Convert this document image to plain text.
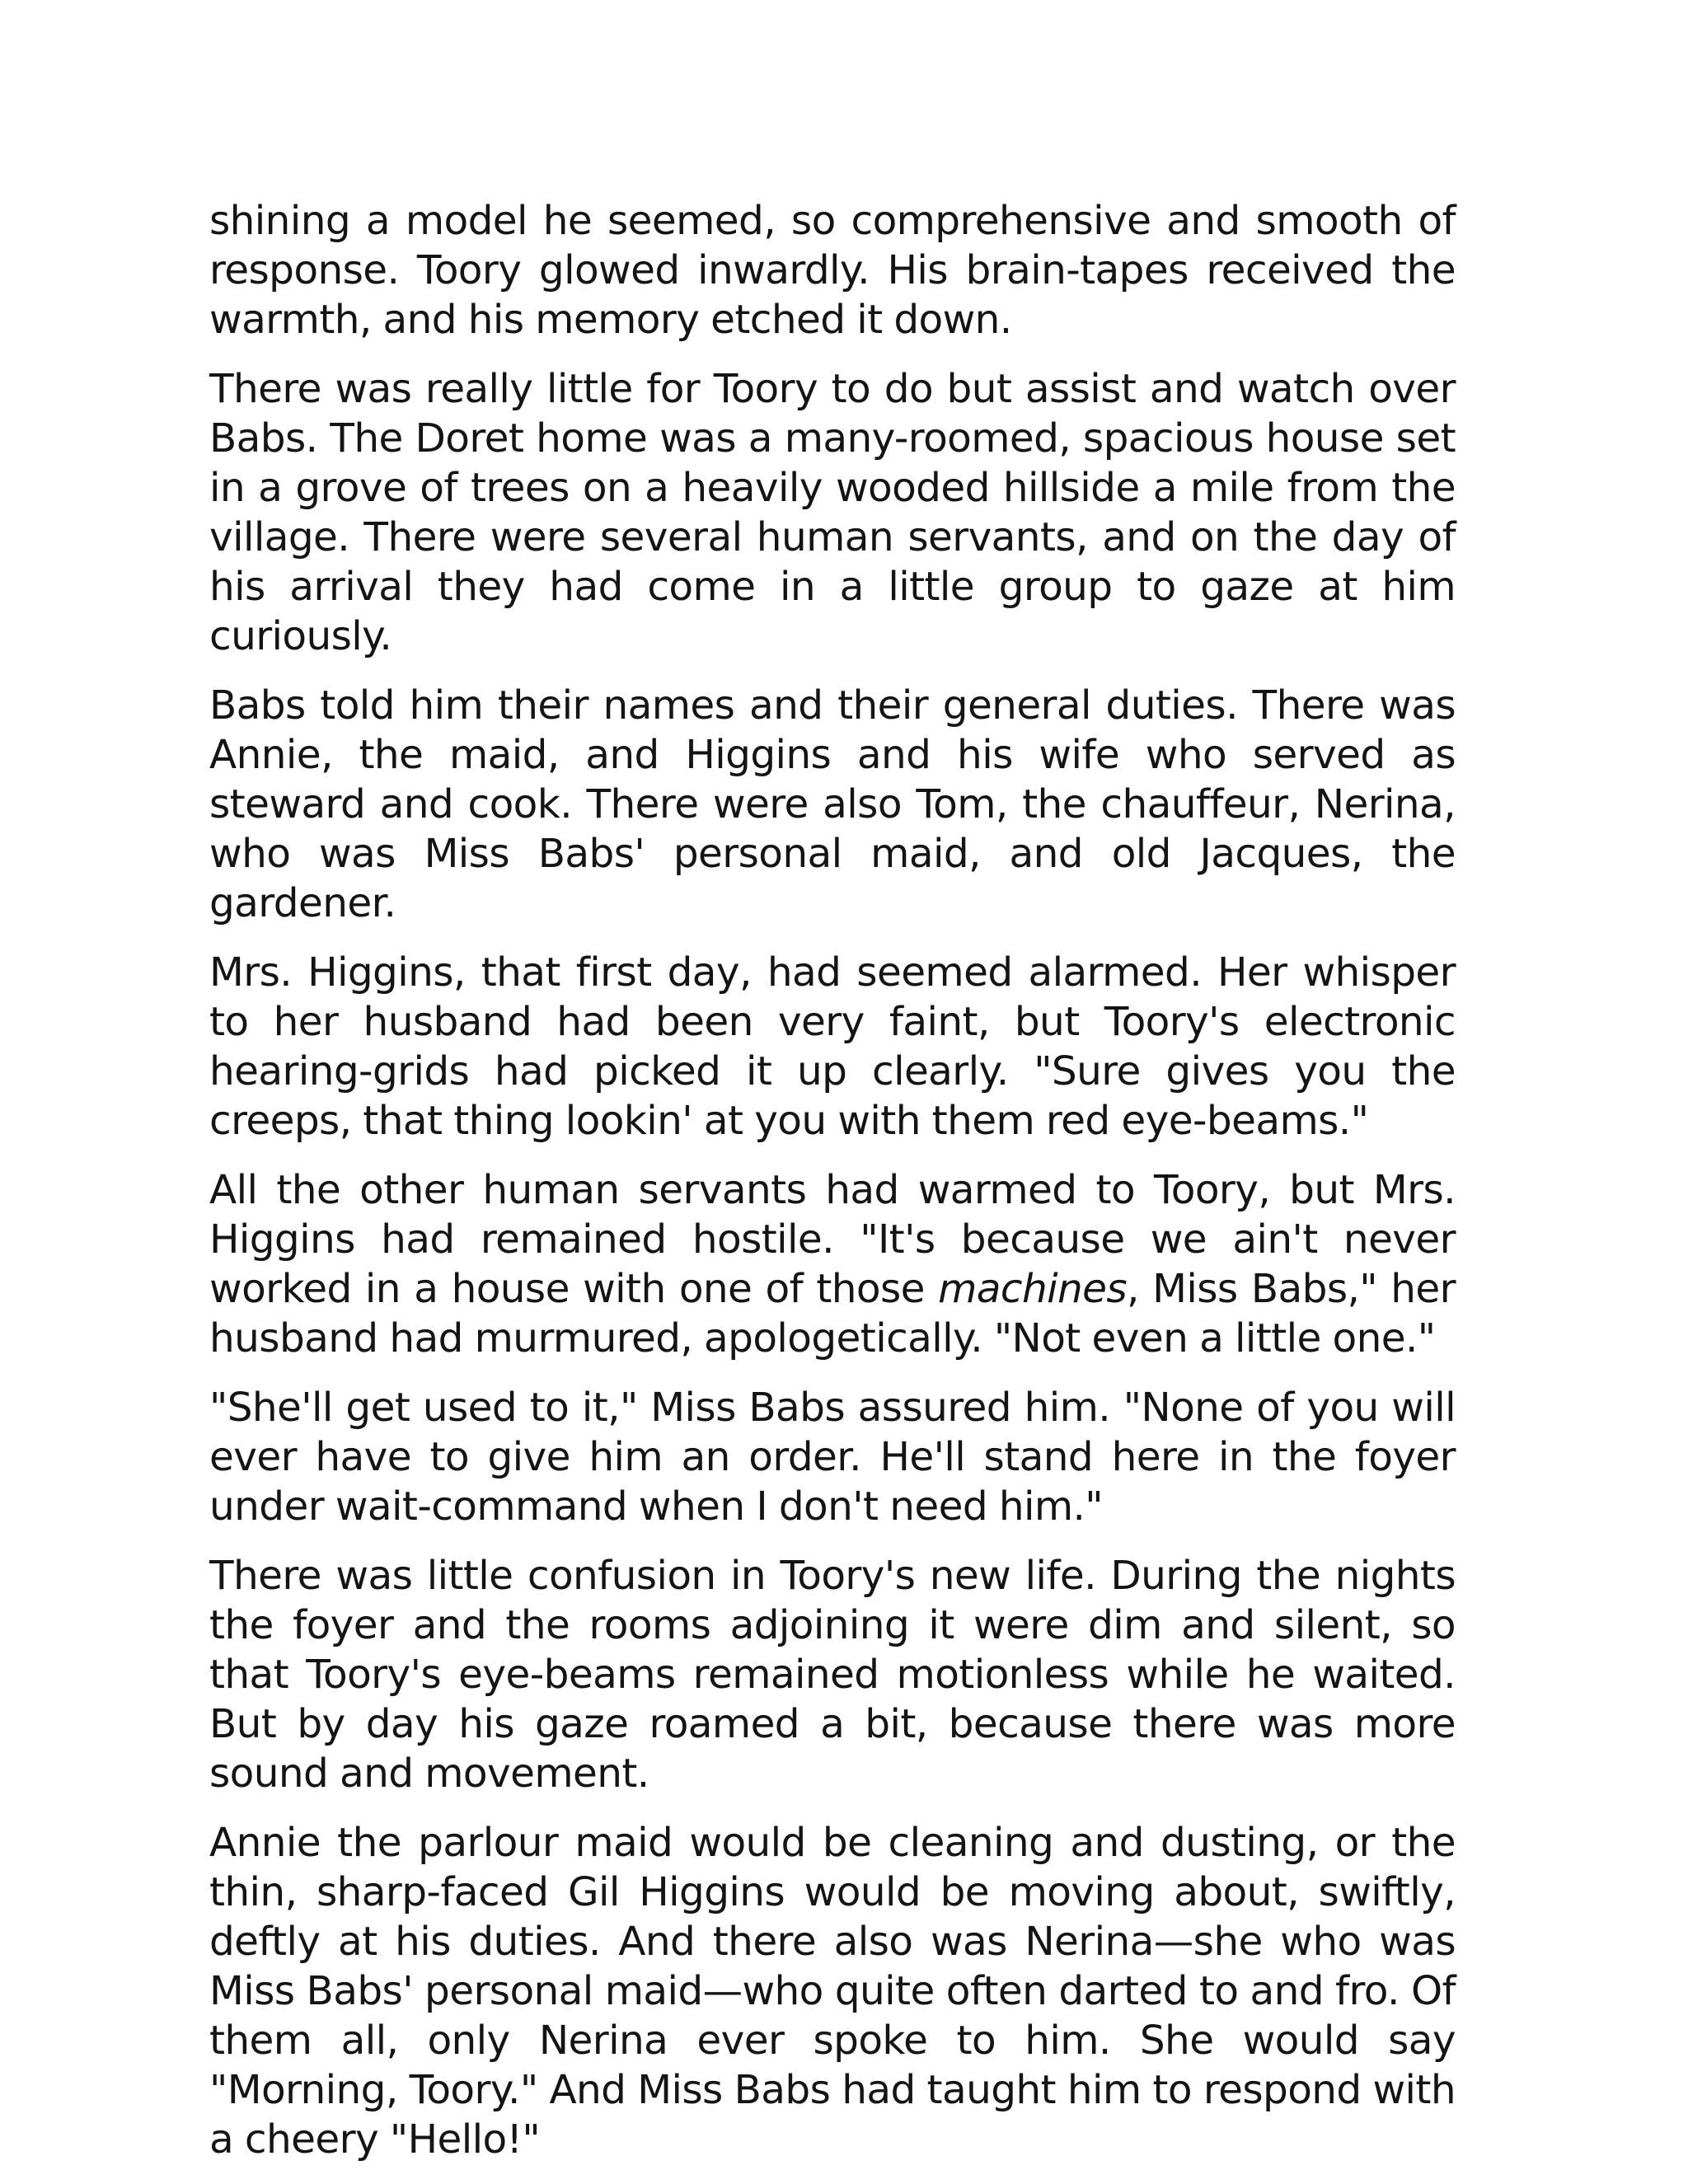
shining a model he seemed, so comprehensive and smooth of response. Toory glowed inwardly. His brain-tapes received the warmth, and his memory etched it down.

There was really little for Toory to do but assist and watch over Babs. The Doret home was a many-roomed, spacious house set in a grove of trees on a heavily wooded hillside a mile from the village. There were several human servants, and on the day of his arrival they had come in a little group to gaze at him curiously.

Babs told him their names and their general duties. There was Annie, the maid, and Higgins and his wife who served as steward and cook. There were also Tom, the chauffeur, Nerina, who was Miss Babs' personal maid, and old Jacques, the gardener.

Mrs. Higgins, that first day, had seemed alarmed. Her whisper to her husband had been very faint, but Toory's electronic hearing-grids had picked it up clearly. "Sure gives you the creeps, that thing lookin' at you with them red eye-beams."

All the other human servants had warmed to Toory, but Mrs. Higgins had remained hostile. "It's because we ain't never worked in a house with one of those machines, Miss Babs," her husband had murmured, apologetically. "Not even a little one."

"She'll get used to it," Miss Babs assured him. "None of you will ever have to give him an order. He'll stand here in the foyer under wait-command when I don't need him."

There was little confusion in Toory's new life. During the nights the foyer and the rooms adjoining it were dim and silent, so that Toory's eye-beams remained motionless while he waited. But by day his gaze roamed a bit, because there was more sound and movement.

Annie the parlour maid would be cleaning and dusting, or the thin, sharp-faced Gil Higgins would be moving about, swiftly, deftly at his duties. And there also was Nerina—she who was Miss Babs' personal maid—who quite often darted to and fro. Of them all, only Nerina ever spoke to him. She would say "Morning, Toory." And Miss Babs had taught him to respond with a cheery "Hello!"
